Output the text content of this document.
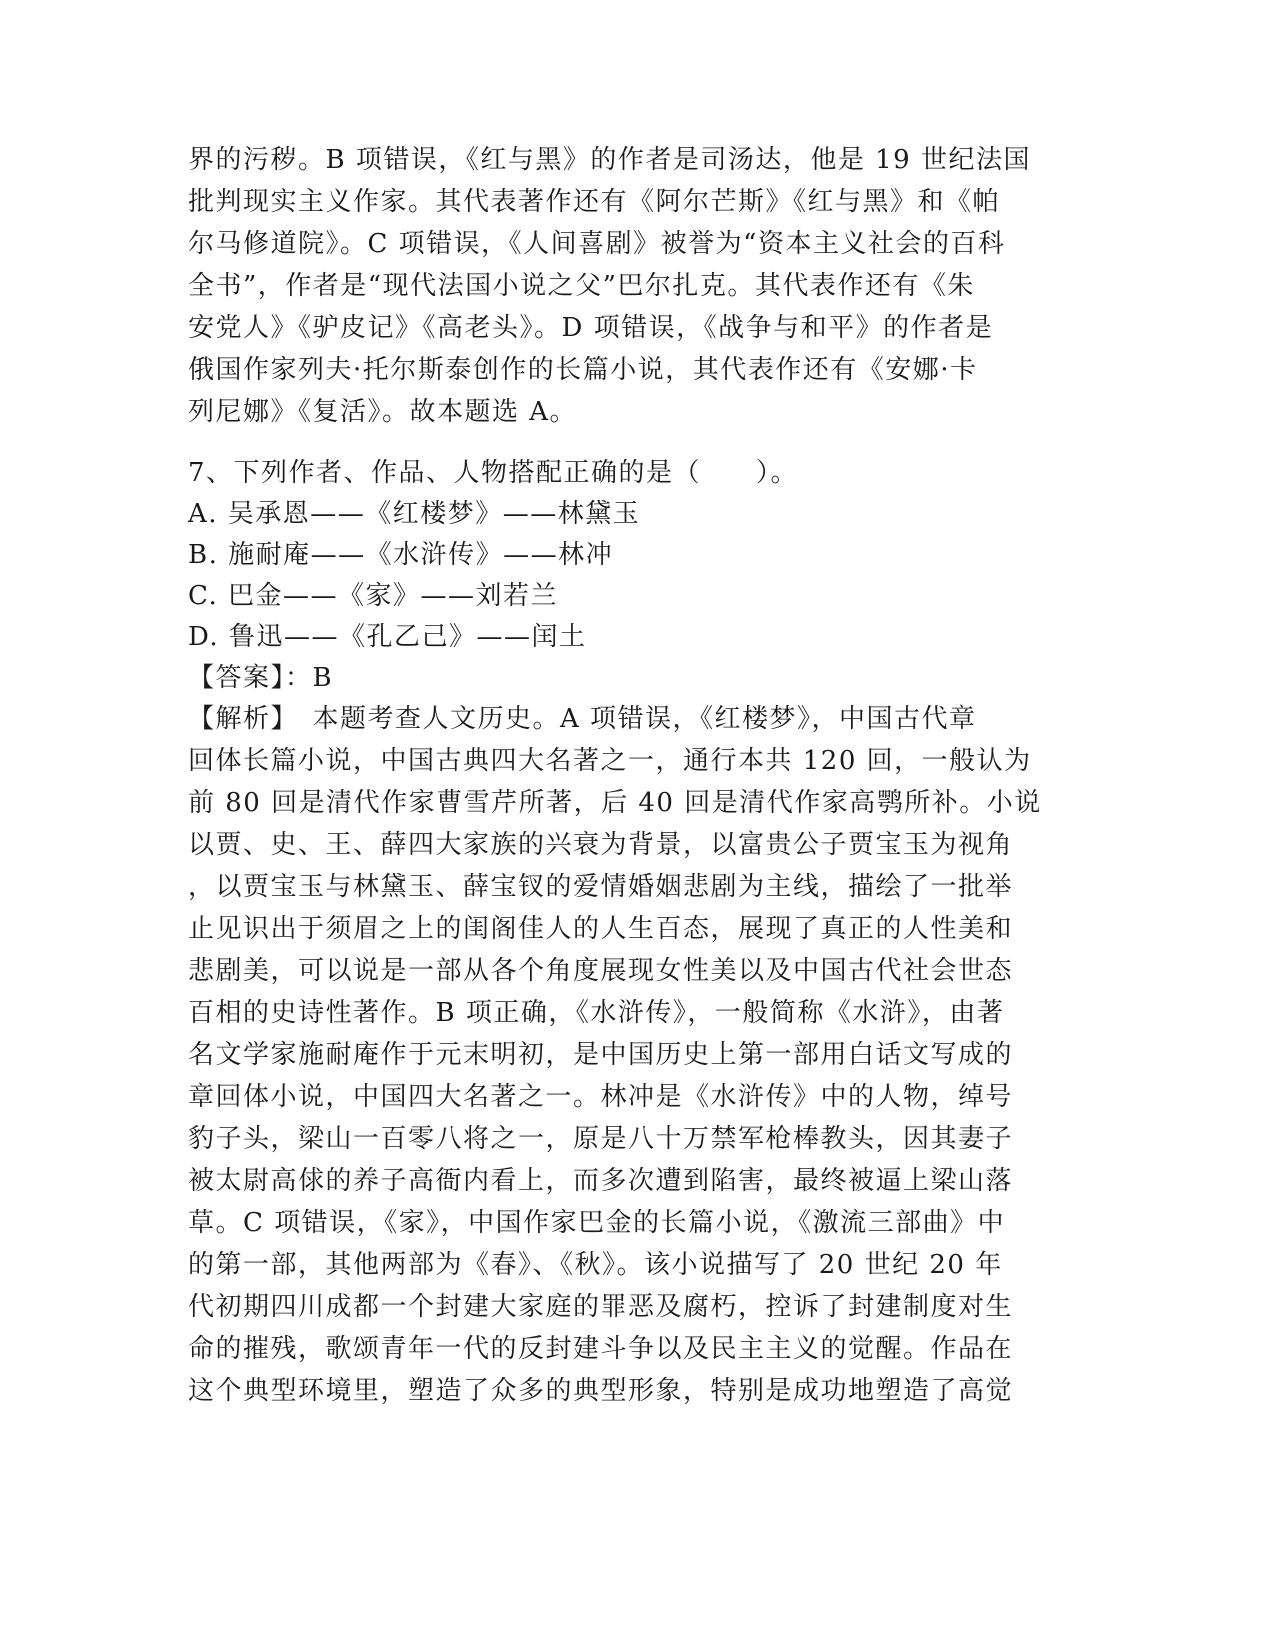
界的污秽。B 项错误，《红与黑》的作者是司汤达，他是 19 世纪法国
批判现实主义作家。其代表著作还有《阿尔芒斯》《红与黑》和《帕
尔马修道院》。C 项错误，《人间喜剧》被誉为“资本主义社会的百科
全书”，作者是“现代法国小说之父”巴尔扎克。其代表作还有《朱
安党人》《驴皮记》《高老头》。D 项错误，《战争与和平》的作者是
俄国作家列夫·托尔斯泰创作的长篇小说，其代表作还有《安娜·卡
列尼娜》《复活》。故本题选 A。
7、下列作者、作品、人物搭配正确的是（　　）。
A. 吴承恩——《红楼梦》——林黛玉
B. 施耐庵——《水浒传》——林冲
C. 巴金——《家》——刘若兰
D. 鲁迅——《孔乙己》——闰土
【答案】：B
【解析】　本题考查人文历史。A 项错误，《红楼梦》，中国古代章
回体长篇小说，中国古典四大名著之一，通行本共 120 回，一般认为
前 80 回是清代作家曹雪芹所著，后 40 回是清代作家高鹗所补。小说
以贾、史、王、薛四大家族的兴衰为背景，以富贵公子贾宝玉为视角
，以贾宝玉与林黛玉、薛宝钗的爱情婚姻悲剧为主线，描绘了一批举
止见识出于须眉之上的闺阁佳人的人生百态，展现了真正的人性美和
悲剧美，可以说是一部从各个角度展现女性美以及中国古代社会世态
百相的史诗性著作。B 项正确，《水浒传》，一般简称《水浒》，由著
名文学家施耐庵作于元末明初，是中国历史上第一部用白话文写成的
章回体小说，中国四大名著之一。林冲是《水浒传》中的人物，绰号
豹子头，梁山一百零八将之一，原是八十万禁军枪棒教头，因其妻子
被太尉高俅的养子高衙内看上，而多次遭到陷害，最终被逼上梁山落
草。C 项错误，《家》，中国作家巴金的长篇小说，《激流三部曲》中
的第一部，其他两部为《春》、《秋》。该小说描写了 20 世纪 20 年
代初期四川成都一个封建大家庭的罪恶及腐朽，控诉了封建制度对生
命的摧残，歌颂青年一代的反封建斗争以及民主主义的觉醒。作品在
这个典型环境里，塑造了众多的典型形象，特别是成功地塑造了高觉
